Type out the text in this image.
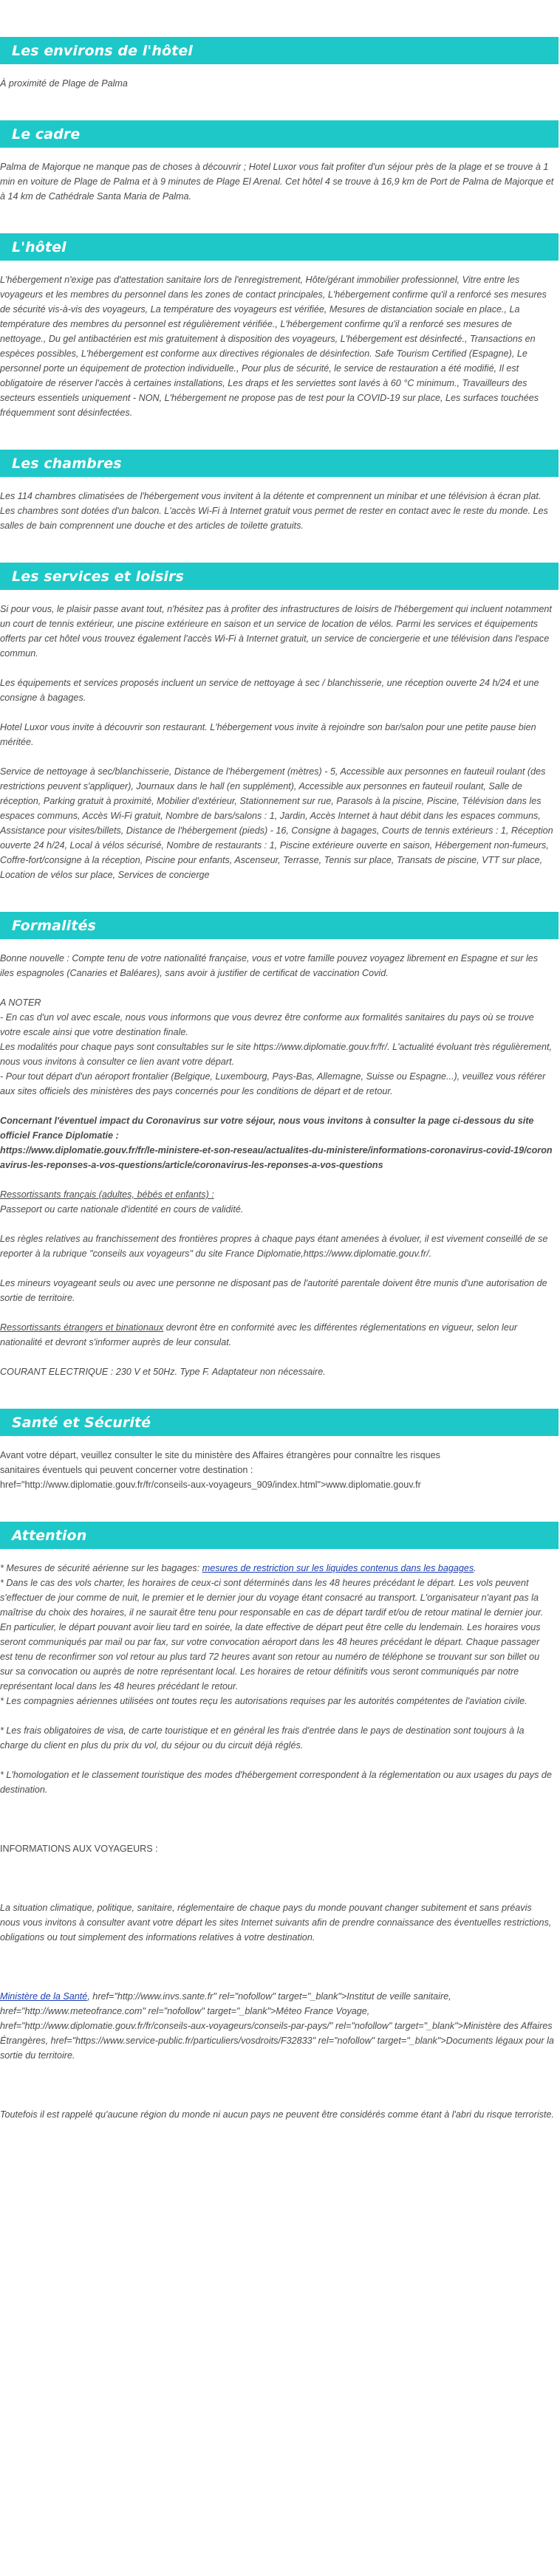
Les environs de l'hôtel

À proximité de Plage de Palma

Le cadre

Palma de Majorque ne manque pas de choses à découvrir ; Hotel Luxor vous fait profiter d'un séjour près de la plage et se trouve à 1 min en voiture de Plage de Palma et à 9 minutes de Plage El Arenal. Cet hôtel 4 se trouve à 16,9 km de Port de Palma de Majorque et à 14 km de Cathédrale Santa Maria de Palma.

L'hôtel

L'hébergement n'exige pas d'attestation sanitaire lors de l'enregistrement, Hôte/gérant immobilier professionnel, Vitre entre les voyageurs et les membres du personnel dans les zones de contact principales, L'hébergement confirme qu'il a renforcé ses mesures de sécurité vis-à-vis des voyageurs, La température des voyageurs est vérifiée, Mesures de distanciation sociale en place., La température des membres du personnel est régulièrement vérifiée., L'hébergement confirme qu'il a renforcé ses mesures de nettoyage., Du gel antibactérien est mis gratuitement à disposition des voyageurs, L'hébergement est désinfecté., Transactions en espèces possibles, L'hébergement est conforme aux directives régionales de désinfection. Safe Tourism Certified (Espagne), Le personnel porte un équipement de protection individuelle., Pour plus de sécurité, le service de restauration a été modifié, Il est obligatoire de réserver l'accès à certaines installations, Les draps et les serviettes sont lavés à 60 °C minimum., Travailleurs des secteurs essentiels uniquement - NON, L'hébergement ne propose pas de test pour la COVID-19 sur place, Les surfaces touchées fréquemment sont désinfectées.

Les chambres

Les 114 chambres climatisées de l'hébergement vous invitent à la détente et comprennent un minibar et une télévision à écran plat. Les chambres sont dotées d'un balcon. L'accès Wi-Fi à Internet gratuit vous permet de rester en contact avec le reste du monde. Les salles de bain comprennent une douche et des articles de toilette gratuits.

Les services et loisirs

Si pour vous, le plaisir passe avant tout, n'hésitez pas à profiter des infrastructures de loisirs de l'hébergement qui incluent notamment un court de tennis extérieur, une piscine extérieure en saison et un service de location de vélos. Parmi les services et équipements offerts par cet hôtel vous trouvez également l'accès Wi-Fi à Internet gratuit, un service de conciergerie et une télévision dans l'espace commun.

Les équipements et services proposés incluent un service de nettoyage à sec / blanchisserie, une réception ouverte 24 h/24 et une consigne à bagages.

Hotel Luxor vous invite à découvrir son restaurant. L'hébergement vous invite à rejoindre son bar/salon pour une petite pause bien méritée.

Service de nettoyage à sec/blanchisserie, Distance de l'hébergement (mètres) - 5, Accessible aux personnes en fauteuil roulant (des restrictions peuvent s'appliquer), Journaux dans le hall (en supplément), Accessible aux personnes en fauteuil roulant, Salle de réception, Parking gratuit à proximité, Mobilier d'extérieur, Stationnement sur rue, Parasols à la piscine, Piscine, Télévision dans les espaces communs, Accès Wi-Fi gratuit, Nombre de bars/salons : 1, Jardin, Accès Internet à haut débit dans les espaces communs, Assistance pour visites/billets, Distance de l'hébergement (pieds) - 16, Consigne à bagages, Courts de tennis extérieurs : 1, Réception ouverte 24 h/24, Local à vélos sécurisé, Nombre de restaurants : 1, Piscine extérieure ouverte en saison, Hébergement non-fumeurs, Coffre-fort/consigne à la réception, Piscine pour enfants, Ascenseur, Terrasse, Tennis sur place, Transats de piscine, VTT sur place, Location de vélos sur place, Services de concierge

Formalités

Bonne nouvelle : Compte tenu de votre nationalité française, vous et votre famille pouvez voyagez librement en Espagne et sur les iles espagnoles (Canaries et Baléares), sans avoir à justifier de certificat de vaccination Covid.

A NOTER

- En cas d'un vol avec escale, nous vous informons que vous devrez être conforme aux formalités sanitaires du pays où se trouve votre escale ainsi que votre destination finale.

Les modalités pour chaque pays sont consultables sur le site https://www.diplomatie.gouv.fr/fr/. L'actualité évoluant très régulièrement, nous vous invitons à consulter ce lien avant votre départ.

- Pour tout départ d'un aéroport frontalier (Belgique, Luxembourg, Pays-Bas, Allemagne, Suisse ou Espagne...), veuillez vous référer aux sites officiels des ministères des pays concernés pour les conditions de départ et de retour.

Concernant l'éventuel impact du Coronavirus sur votre séjour, nous vous invitons à consulter la page ci-dessous du site officiel France Diplomatie :

https://www.diplomatie.gouv.fr/fr/le-ministere-et-son-reseau/actualites-du-ministere/informations-coronavirus-covid-19/coronavirus-les-reponses-a-vos-questions/article/coronavirus-les-reponses-a-vos-questions

Ressortissants français (adultes, bébés et enfants) :

Passeport ou carte nationale d'identité en cours de validité.

Les règles relatives au franchissement des frontières propres à chaque pays étant amenées à évoluer, il est vivement conseillé de se reporter à la rubrique "conseils aux voyageurs" du site France Diplomatie,https://www.diplomatie.gouv.fr/.

Les mineurs voyageant seuls ou avec une personne ne disposant pas de l'autorité parentale doivent être munis d'une autorisation de sortie de territoire.

Ressortissants étrangers et binationaux devront être en conformité avec les différentes réglementations en vigueur, selon leur nationalité et devront s'informer auprès de leur consulat.

COURANT ELECTRIQUE : 230 V et 50Hz. Type F. Adaptateur non nécessaire.

Santé et Sécurité

Avant votre départ, veuillez consulter le site du ministère des Affaires étrangères pour connaître les risques sanitaires éventuels qui peuvent concerner votre destination : href="http://www.diplomatie.gouv.fr/fr/conseils-aux-voyageurs_909/index.html">www.diplomatie.gouv.fr

Attention

* Mesures de sécurité aérienne sur les bagages: mesures de restriction sur les liquides contenus dans les bagages.

* Dans le cas des vols charter, les horaires de ceux-ci sont déterminés dans les 48 heures précédant le départ. Les vols peuvent s'effectuer de jour comme de nuit, le premier et le dernier jour du voyage étant consacré au transport. L'organisateur n'ayant pas la maîtrise du choix des horaires, il ne saurait être tenu pour responsable en cas de départ tardif et/ou de retour matinal le dernier jour. En particulier, le départ pouvant avoir lieu tard en soirée, la date effective de départ peut être celle du lendemain. Les horaires vous seront communiqués par mail ou par fax, sur votre convocation aéroport dans les 48 heures précédant le départ. Chaque passager est tenu de reconfirmer son vol retour au plus tard 72 heures avant son retour au numéro de téléphone se trouvant sur son billet ou sur sa convocation ou auprès de notre représentant local. Les horaires de retour définitifs vous seront communiqués par notre représentant local dans les 48 heures précédant le retour.

* Les compagnies aériennes utilisées ont toutes reçu les autorisations requises par les autorités compétentes de l'aviation civile.

* Les frais obligatoires de visa, de carte touristique et en général les frais d'entrée dans le pays de destination sont toujours à la charge du client en plus du prix du vol, du séjour ou du circuit déjà réglés.

* L'homologation et le classement touristique des modes d'hébergement correspondent à la réglementation ou aux usages du pays de destination.

INFORMATIONS AUX VOYAGEURS :

La situation climatique, politique, sanitaire, réglementaire de chaque pays du monde pouvant changer subitement et sans préavis nous vous invitons à consulter avant votre départ les sites Internet suivants afin de prendre connaissance des éventuelles restrictions, obligations ou tout simplement des informations relatives à votre destination.

Ministère de la Santé, href="http://www.invs.sante.fr" rel="nofollow" target="_blank">Institut de veille sanitaire, href="http://www.meteofrance.com" rel="nofollow" target="_blank">Méteo France Voyage, href="http://www.diplomatie.gouv.fr/fr/conseils-aux-voyageurs/conseils-par-pays/" rel="nofollow" target="_blank">Ministère des Affaires Étrangères, href="https://www.service-public.fr/particuliers/vosdroits/F32833" rel="nofollow" target="_blank">Documents légaux pour la sortie du territoire.

Toutefois il est rappelé qu'aucune région du monde ni aucun pays ne peuvent être considérés comme étant à l'abri du risque terroriste.
